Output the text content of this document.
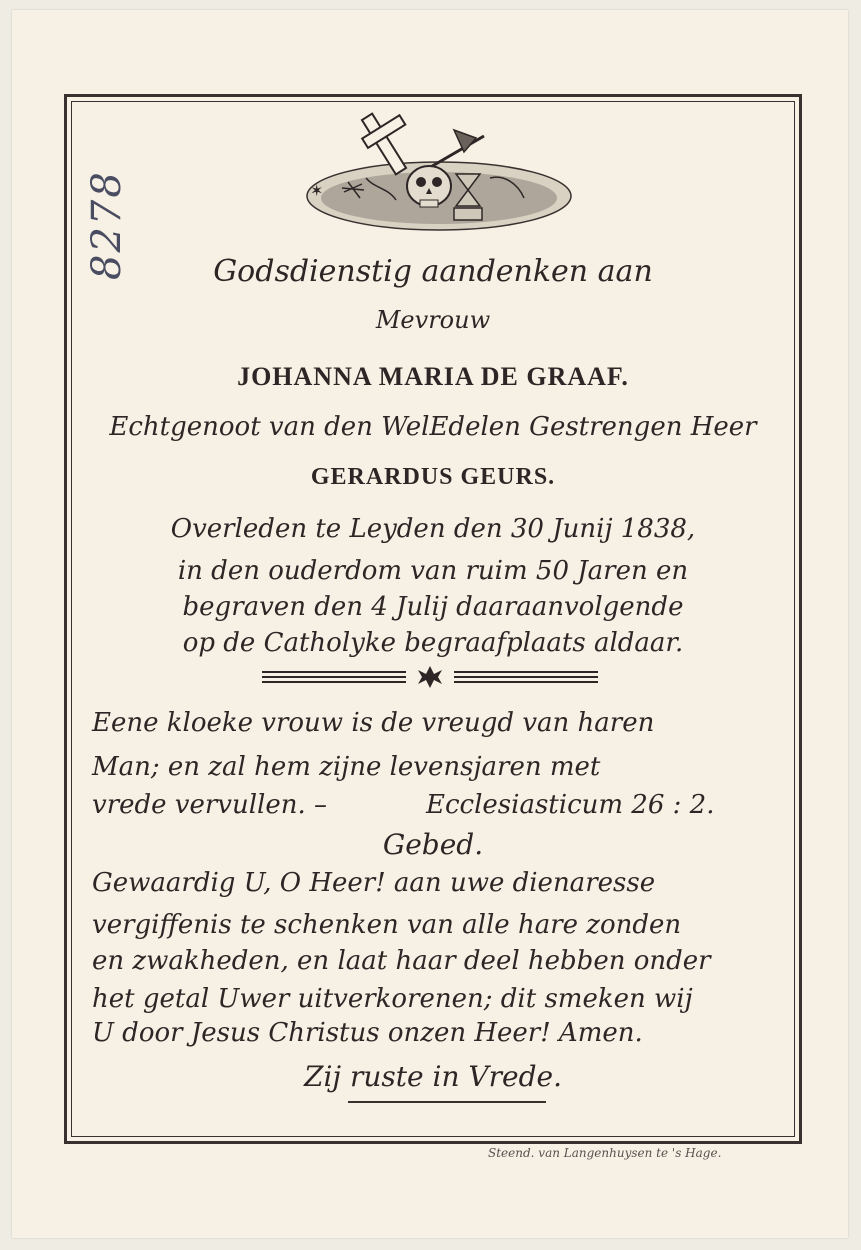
8278	✶
Godsdienstig aandenken aan
Mevrouw
JOHANNA MARIA DE GRAAF.
Echtgenoot van den WelEdelen Gestrengen Heer
GERARDUS GEURS.
Overleden te Leyden den 30 Junij 1838,
in den ouderdom van ruim 50 Jaren en
begraven den 4 Julij daaraanvolgende
op de Catholyke begraafplaats aldaar.
Eene kloeke vrouw is de vreugd van haren
Man; en zal hem zijne levensjaren met
vrede vervullen. –	Ecclesiasticum 26 : 2.
Gebed.
Gewaardig U, O Heer! aan uwe dienaresse
vergiffenis te schenken van alle hare zonden
en zwakheden, en laat haar deel hebben onder
het getal Uwer uitverkorenen; dit smeken wij
U door Jesus Christus onzen Heer! Amen.
Zij ruste in Vrede.
Steend. van Langenhuysen te 's Hage.
